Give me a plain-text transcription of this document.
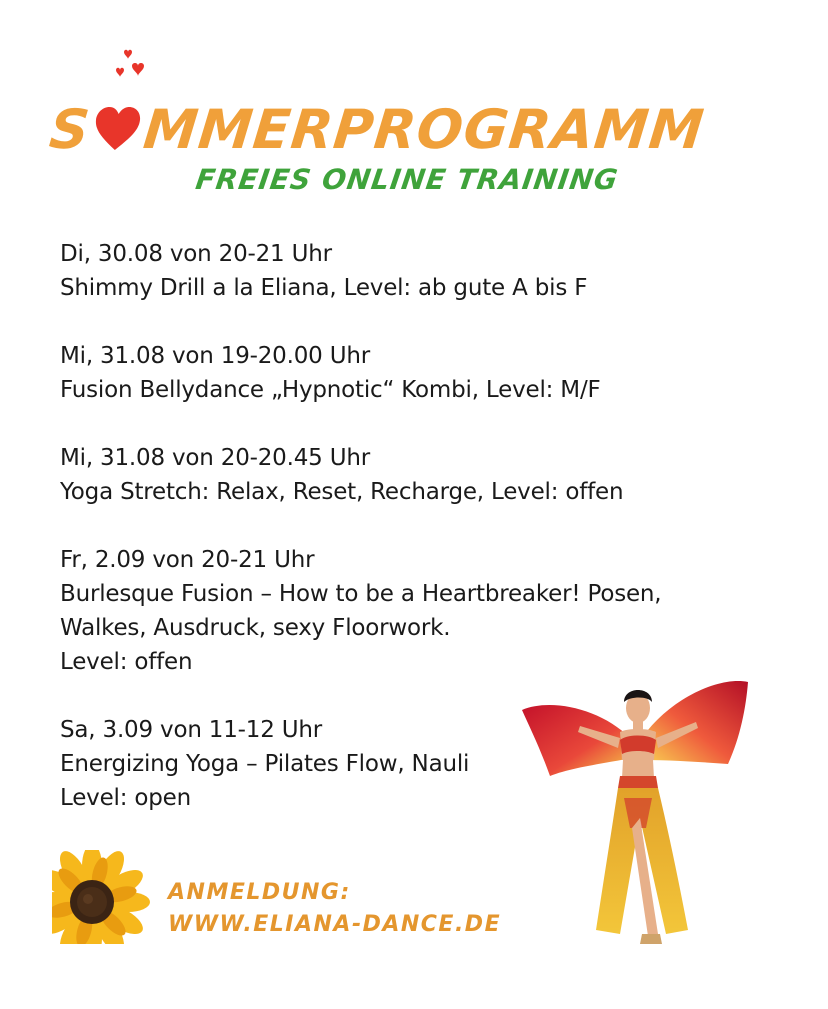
S MMERPROGRAMM
FREIES ONLINE TRAINING

Di, 30.08 von 20-21 Uhr

Shimmy Drill a la Eliana, Level: ab gute A bis F

Mi, 31.08 von 19-20.00 Uhr

Fusion Bellydance „Hypnotic“ Kombi, Level: M/F

Mi, 31.08 von 20-20.45 Uhr

Yoga Stretch: Relax, Reset, Recharge, Level: offen

Fr, 2.09 von 20-21 Uhr

Burlesque Fusion – How to be a Heartbreaker! Posen,

Walkes, Ausdruck, sexy Floorwork.

Level: offen

Sa, 3.09 von 11-12 Uhr

Energizing Yoga – Pilates Flow, Nauli

Level: open

ANMELDUNG:

WWW.ELIANA-DANCE.DE
